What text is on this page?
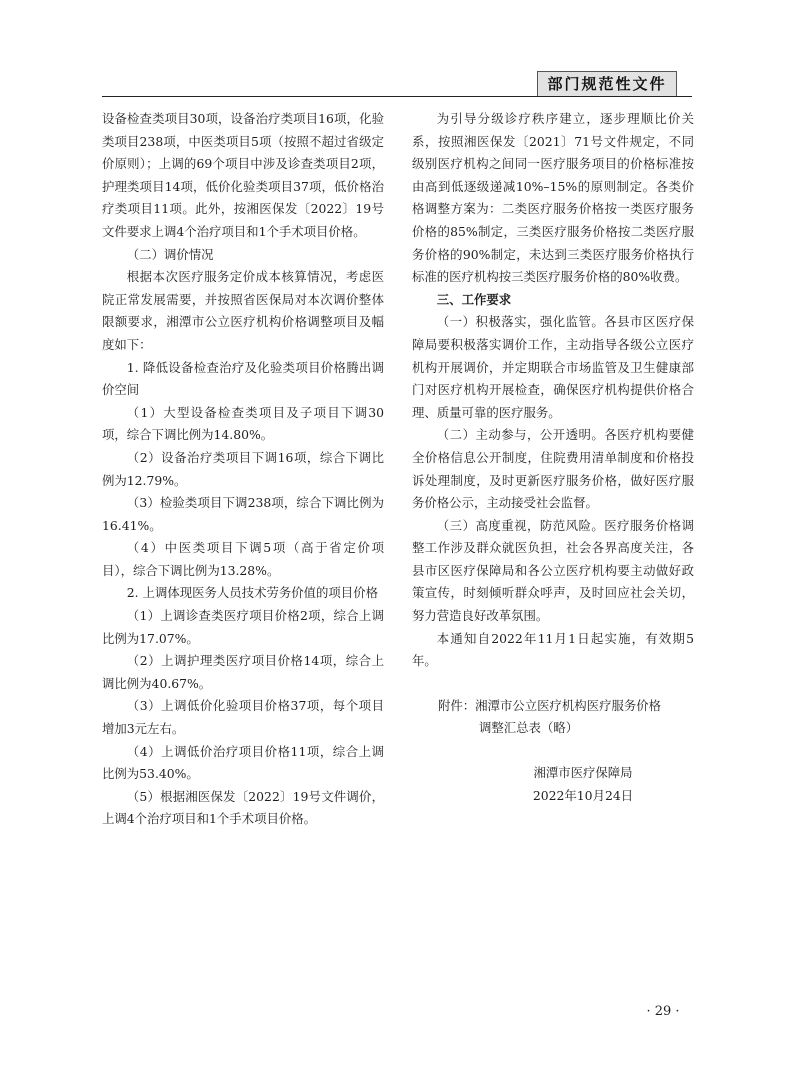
部门规范性文件

设备检查类项目30项，设备治疗类项目16项，化验类项目238项，中医类项目5项（按照不超过省级定价原则）；上调的69个项目中涉及诊查类项目2项，护理类项目14项，低价化验类项目37项，低价格治疗类项目11项。此外，按湘医保发〔2022〕19号文件要求上调4个治疗项目和1个手术项目价格。

（二）调价情况

根据本次医疗服务定价成本核算情况，考虑医院正常发展需要，并按照省医保局对本次调价整体限额要求，湘潭市公立医疗机构价格调整项目及幅度如下：

1. 降低设备检查治疗及化验类项目价格腾出调价空间

（1）大型设备检查类项目及子项目下调30项，综合下调比例为14.80%。

（2）设备治疗类项目下调16项，综合下调比例为12.79%。

（3）检验类项目下调238项，综合下调比例为16.41%。

（4）中医类项目下调5项（高于省定价项目），综合下调比例为13.28%。

2. 上调体现医务人员技术劳务价值的项目价格

（1）上调诊查类医疗项目价格2项，综合上调比例为17.07%。

（2）上调护理类医疗项目价格14项，综合上调比例为40.67%。

（3）上调低价化验项目价格37项，每个项目增加3元左右。

（4）上调低价治疗项目价格11项，综合上调比例为53.40%。

（5）根据湘医保发〔2022〕19号文件调价，上调4个治疗项目和1个手术项目价格。

为引导分级诊疗秩序建立，逐步理顺比价关系，按照湘医保发〔2021〕71号文件规定，不同级别医疗机构之间同一医疗服务项目的价格标准按由高到低逐级递减10%–15%的原则制定。各类价格调整方案为：二类医疗服务价格按一类医疗服务价格的85%制定，三类医疗服务价格按二类医疗服务价格的90%制定，未达到三类医疗服务价格执行标准的医疗机构按三类医疗服务价格的80%收费。

三、工作要求

（一）积极落实，强化监管。各县市区医疗保障局要积极落实调价工作，主动指导各级公立医疗机构开展调价，并定期联合市场监管及卫生健康部门对医疗机构开展检查，确保医疗机构提供价格合理、质量可靠的医疗服务。

（二）主动参与，公开透明。各医疗机构要健全价格信息公开制度，住院费用清单制度和价格投诉处理制度，及时更新医疗服务价格，做好医疗服务价格公示，主动接受社会监督。

（三）高度重视，防范风险。医疗服务价格调整工作涉及群众就医负担，社会各界高度关注，各县市区医疗保障局和各公立医疗机构要主动做好政策宣传，时刻倾听群众呼声，及时回应社会关切，努力营造良好改革氛围。

本通知自2022年11月1日起实施，有效期5年。

附件：湘潭市公立医疗机构医疗服务价格

调整汇总表（略）

湘潭市医疗保障局

2022年10月24日

· 29 ·
